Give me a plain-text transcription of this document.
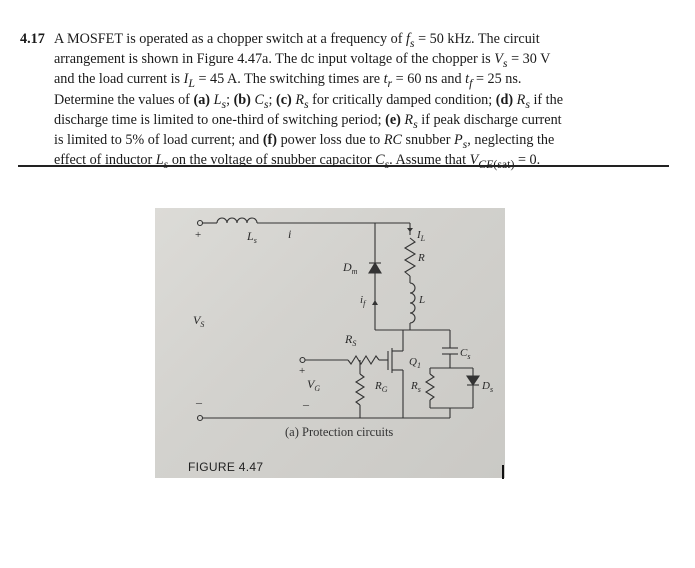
4.17 A MOSFET is operated as a chopper switch at a frequency of $f_s = 50$ kHz. The circuit
arrangement is shown in Figure 4.47a. The dc input voltage of the chopper is $V_s = 30$ V
and the load current is $I_L = 45$ A. The switching times are $t_r = 60$ ns and $t_f = 25$ ns.
Determine the values of (a) $L_s$; (b) $C_s$; (c) $R_s$ for critically damped condition; (d) $R_s$ if the
discharge time is limited to one-third of switching period; (e) $R_s$ if peak discharge current
is limited to 5% of load current; and (f) power loss due to RC snubber $P_s$, neglecting the
effect of inductor $L_s$ on the voltage of snubber capacitor $C_s$. Assume that $V_{CE(sat)} = 0$.
+	$L_s$	i	$I_L$
R
$D_m$
$i_f$	L
$V_S$
$R_S$
$Q_1$
$C_s$
+
$V_G$
–
$R_G$ $R_s$	$D_s$
–
(a) Protection circuits
FIGURE 4.47
